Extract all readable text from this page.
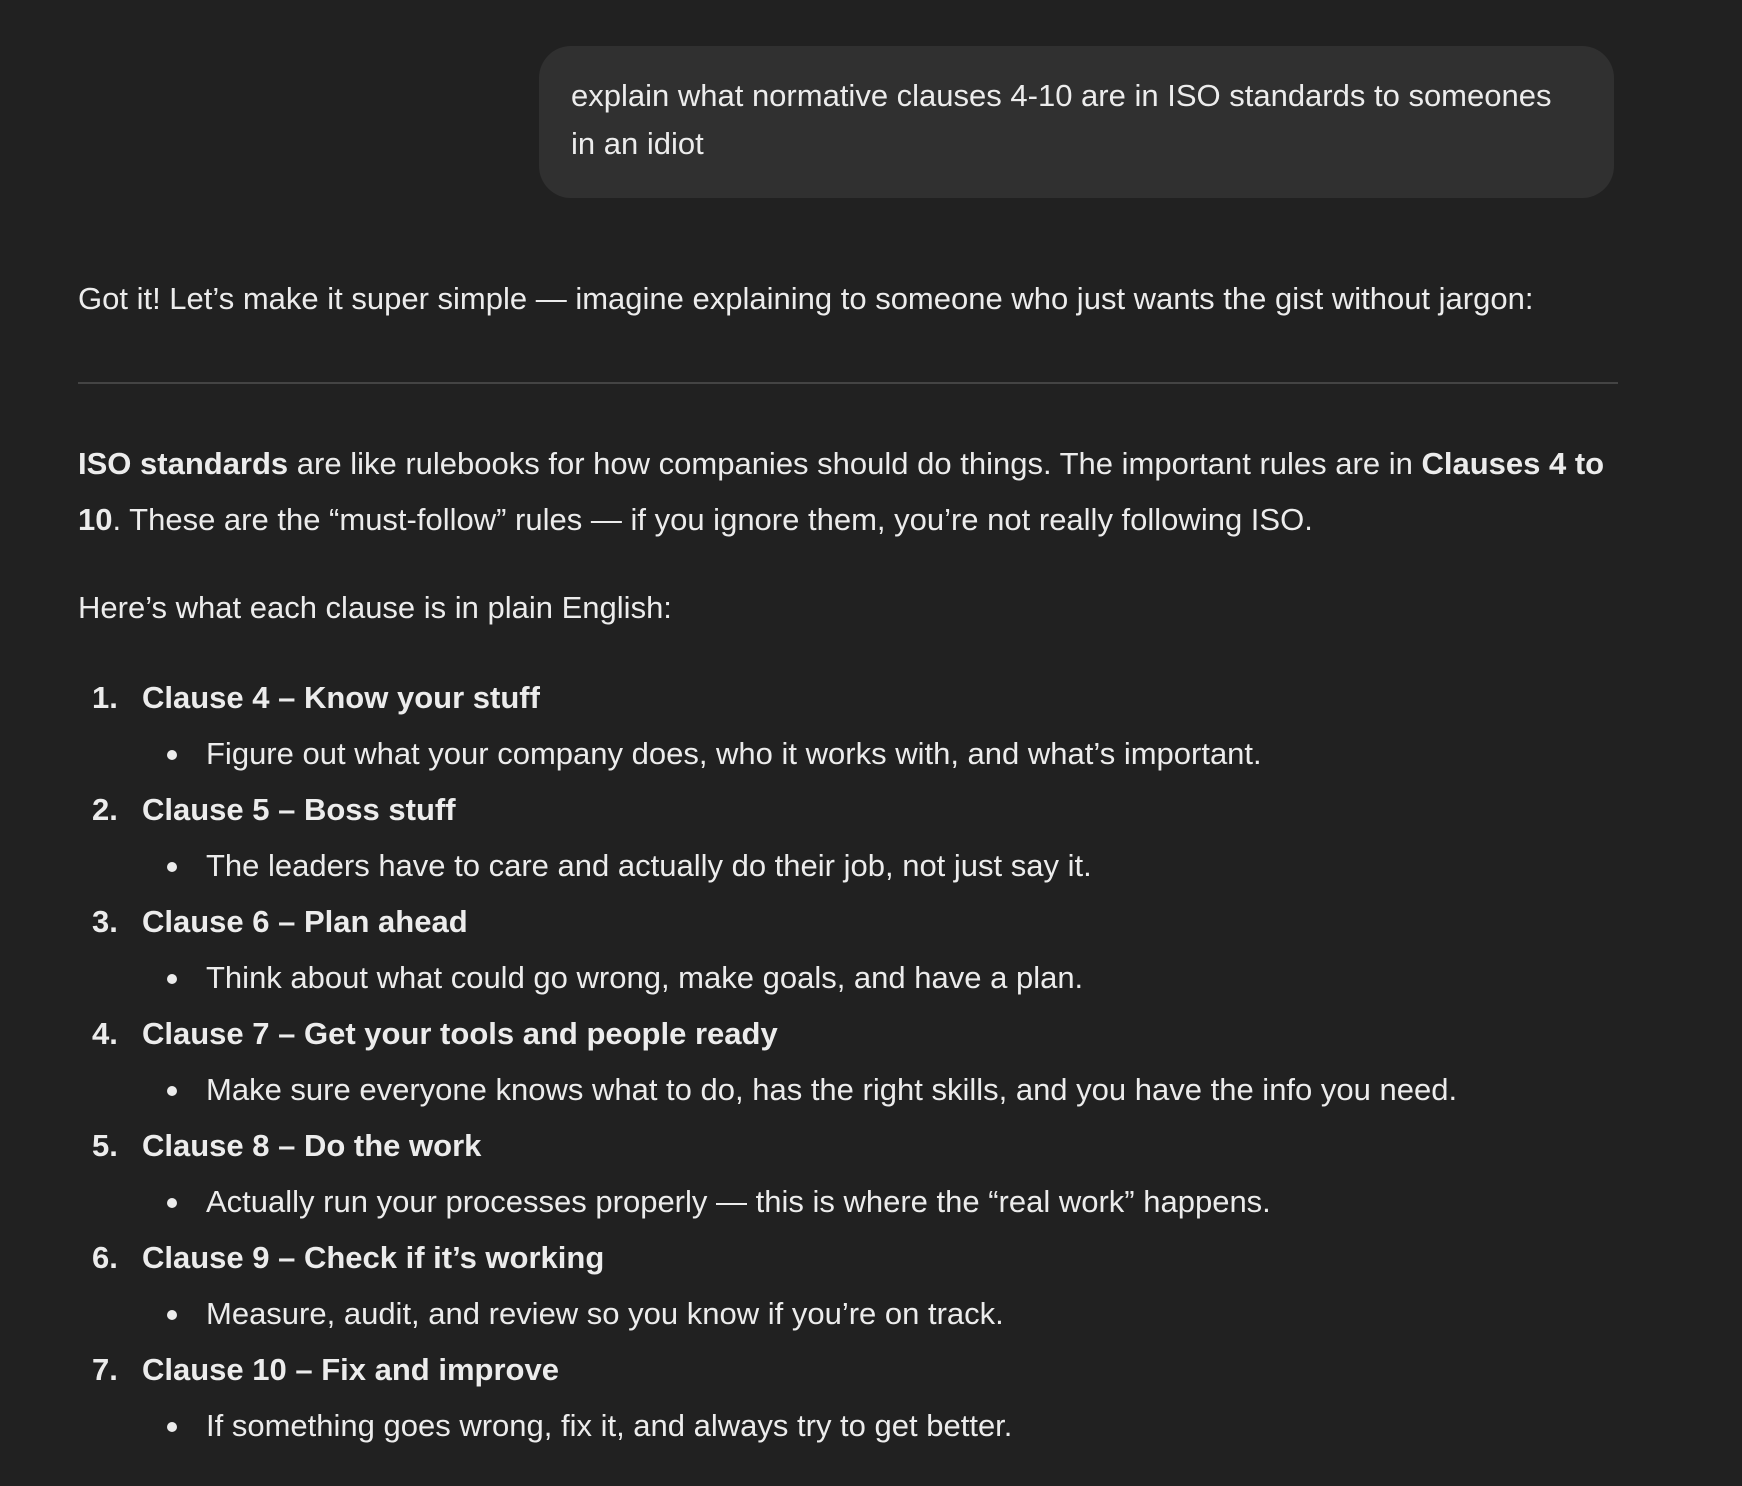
explain what normative clauses 4-10 are in ISO standards to someones in an idiot

Got it! Let’s make it super simple — imagine explaining to someone who just wants the gist without jargon:

ISO standards are like rulebooks for how companies should do things. The important rules are in Clauses 4 to 10. These are the “must-follow” rules — if you ignore them, you’re not really following ISO.

Here’s what each clause is in plain English:

1. Clause 4 – Know your stuff
Figure out what your company does, who it works with, and what’s important.
2. Clause 5 – Boss stuff
The leaders have to care and actually do their job, not just say it.
3. Clause 6 – Plan ahead
Think about what could go wrong, make goals, and have a plan.
4. Clause 7 – Get your tools and people ready
Make sure everyone knows what to do, has the right skills, and you have the info you need.
5. Clause 8 – Do the work
Actually run your processes properly — this is where the “real work” happens.
6. Clause 9 – Check if it’s working
Measure, audit, and review so you know if you’re on track.
7. Clause 10 – Fix and improve
If something goes wrong, fix it, and always try to get better.
